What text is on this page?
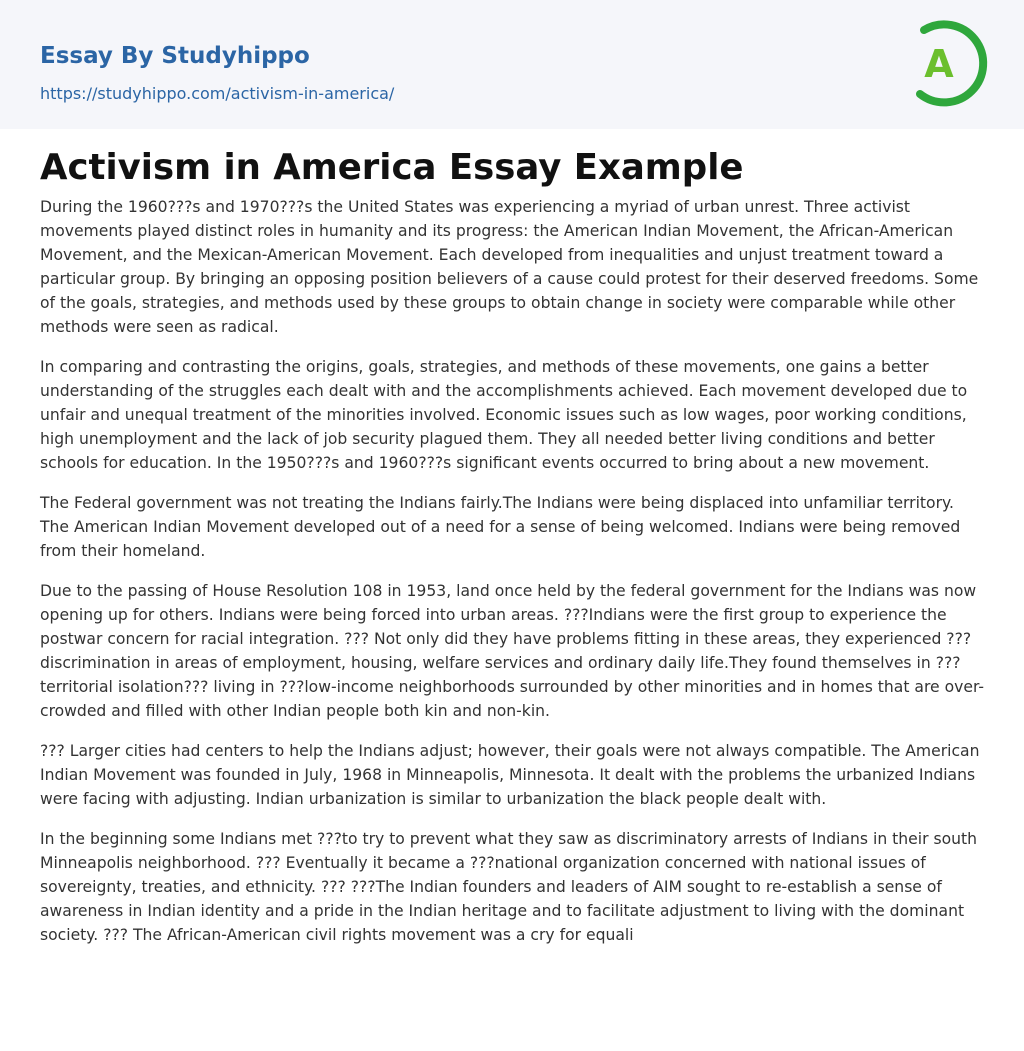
Essay By Studyhippo
https://studyhippo.com/activism-in-america/
A
Activism in America Essay Example

During the 1960???s and 1970???s the United States was experiencing a myriad of urban unrest. Three activist movements played distinct roles in humanity and its progress: the American Indian Movement, the African-American Movement, and the Mexican-American Movement. Each developed from inequalities and unjust treatment toward a particular group. By bringing an opposing position believers of a cause could protest for their deserved freedoms. Some of the goals, strategies, and methods used by these groups to obtain change in society were comparable while other methods were seen as radical.

In comparing and contrasting the origins, goals, strategies, and methods of these movements, one gains a better understanding of the struggles each dealt with and the accomplishments achieved. Each movement developed due to unfair and unequal treatment of the minorities involved. Economic issues such as low wages, poor working conditions, high unemployment and the lack of job security plagued them. They all needed better living conditions and better schools for education. In the 1950???s and 1960???s significant events occurred to bring about a new movement.

The Federal government was not treating the Indians fairly.The Indians were being displaced into unfamiliar territory. The American Indian Movement developed out of a need for a sense of being welcomed. Indians were being removed from their homeland.

Due to the passing of House Resolution 108 in 1953, land once held by the federal government for the Indians was now opening up for others. Indians were being forced into urban areas. ???Indians were the first group to experience the postwar concern for racial integration. ??? Not only did they have problems fitting in these areas, they experienced ???discrimination in areas of employment, housing, welfare services and ordinary daily life.They found themselves in ???territorial isolation??? living in ???low-income neighborhoods surrounded by other minorities and in homes that are over-crowded and filled with other Indian people both kin and non-kin.

??? Larger cities had centers to help the Indians adjust; however, their goals were not always compatible. The American Indian Movement was founded in July, 1968 in Minneapolis, Minnesota. It dealt with the problems the urbanized Indians were facing with adjusting. Indian urbanization is similar to urbanization the black people dealt with.

In the beginning some Indians met ???to try to prevent what they saw as discriminatory arrests of Indians in their south Minneapolis neighborhood. ??? Eventually it became a ???national organization concerned with national issues of sovereignty, treaties, and ethnicity. ??? ???The Indian founders and leaders of AIM sought to re-establish a sense of awareness in Indian identity and a pride in the Indian heritage and to facilitate adjustment to living with the dominant society. ??? The African-American civil rights movement was a cry for equali
